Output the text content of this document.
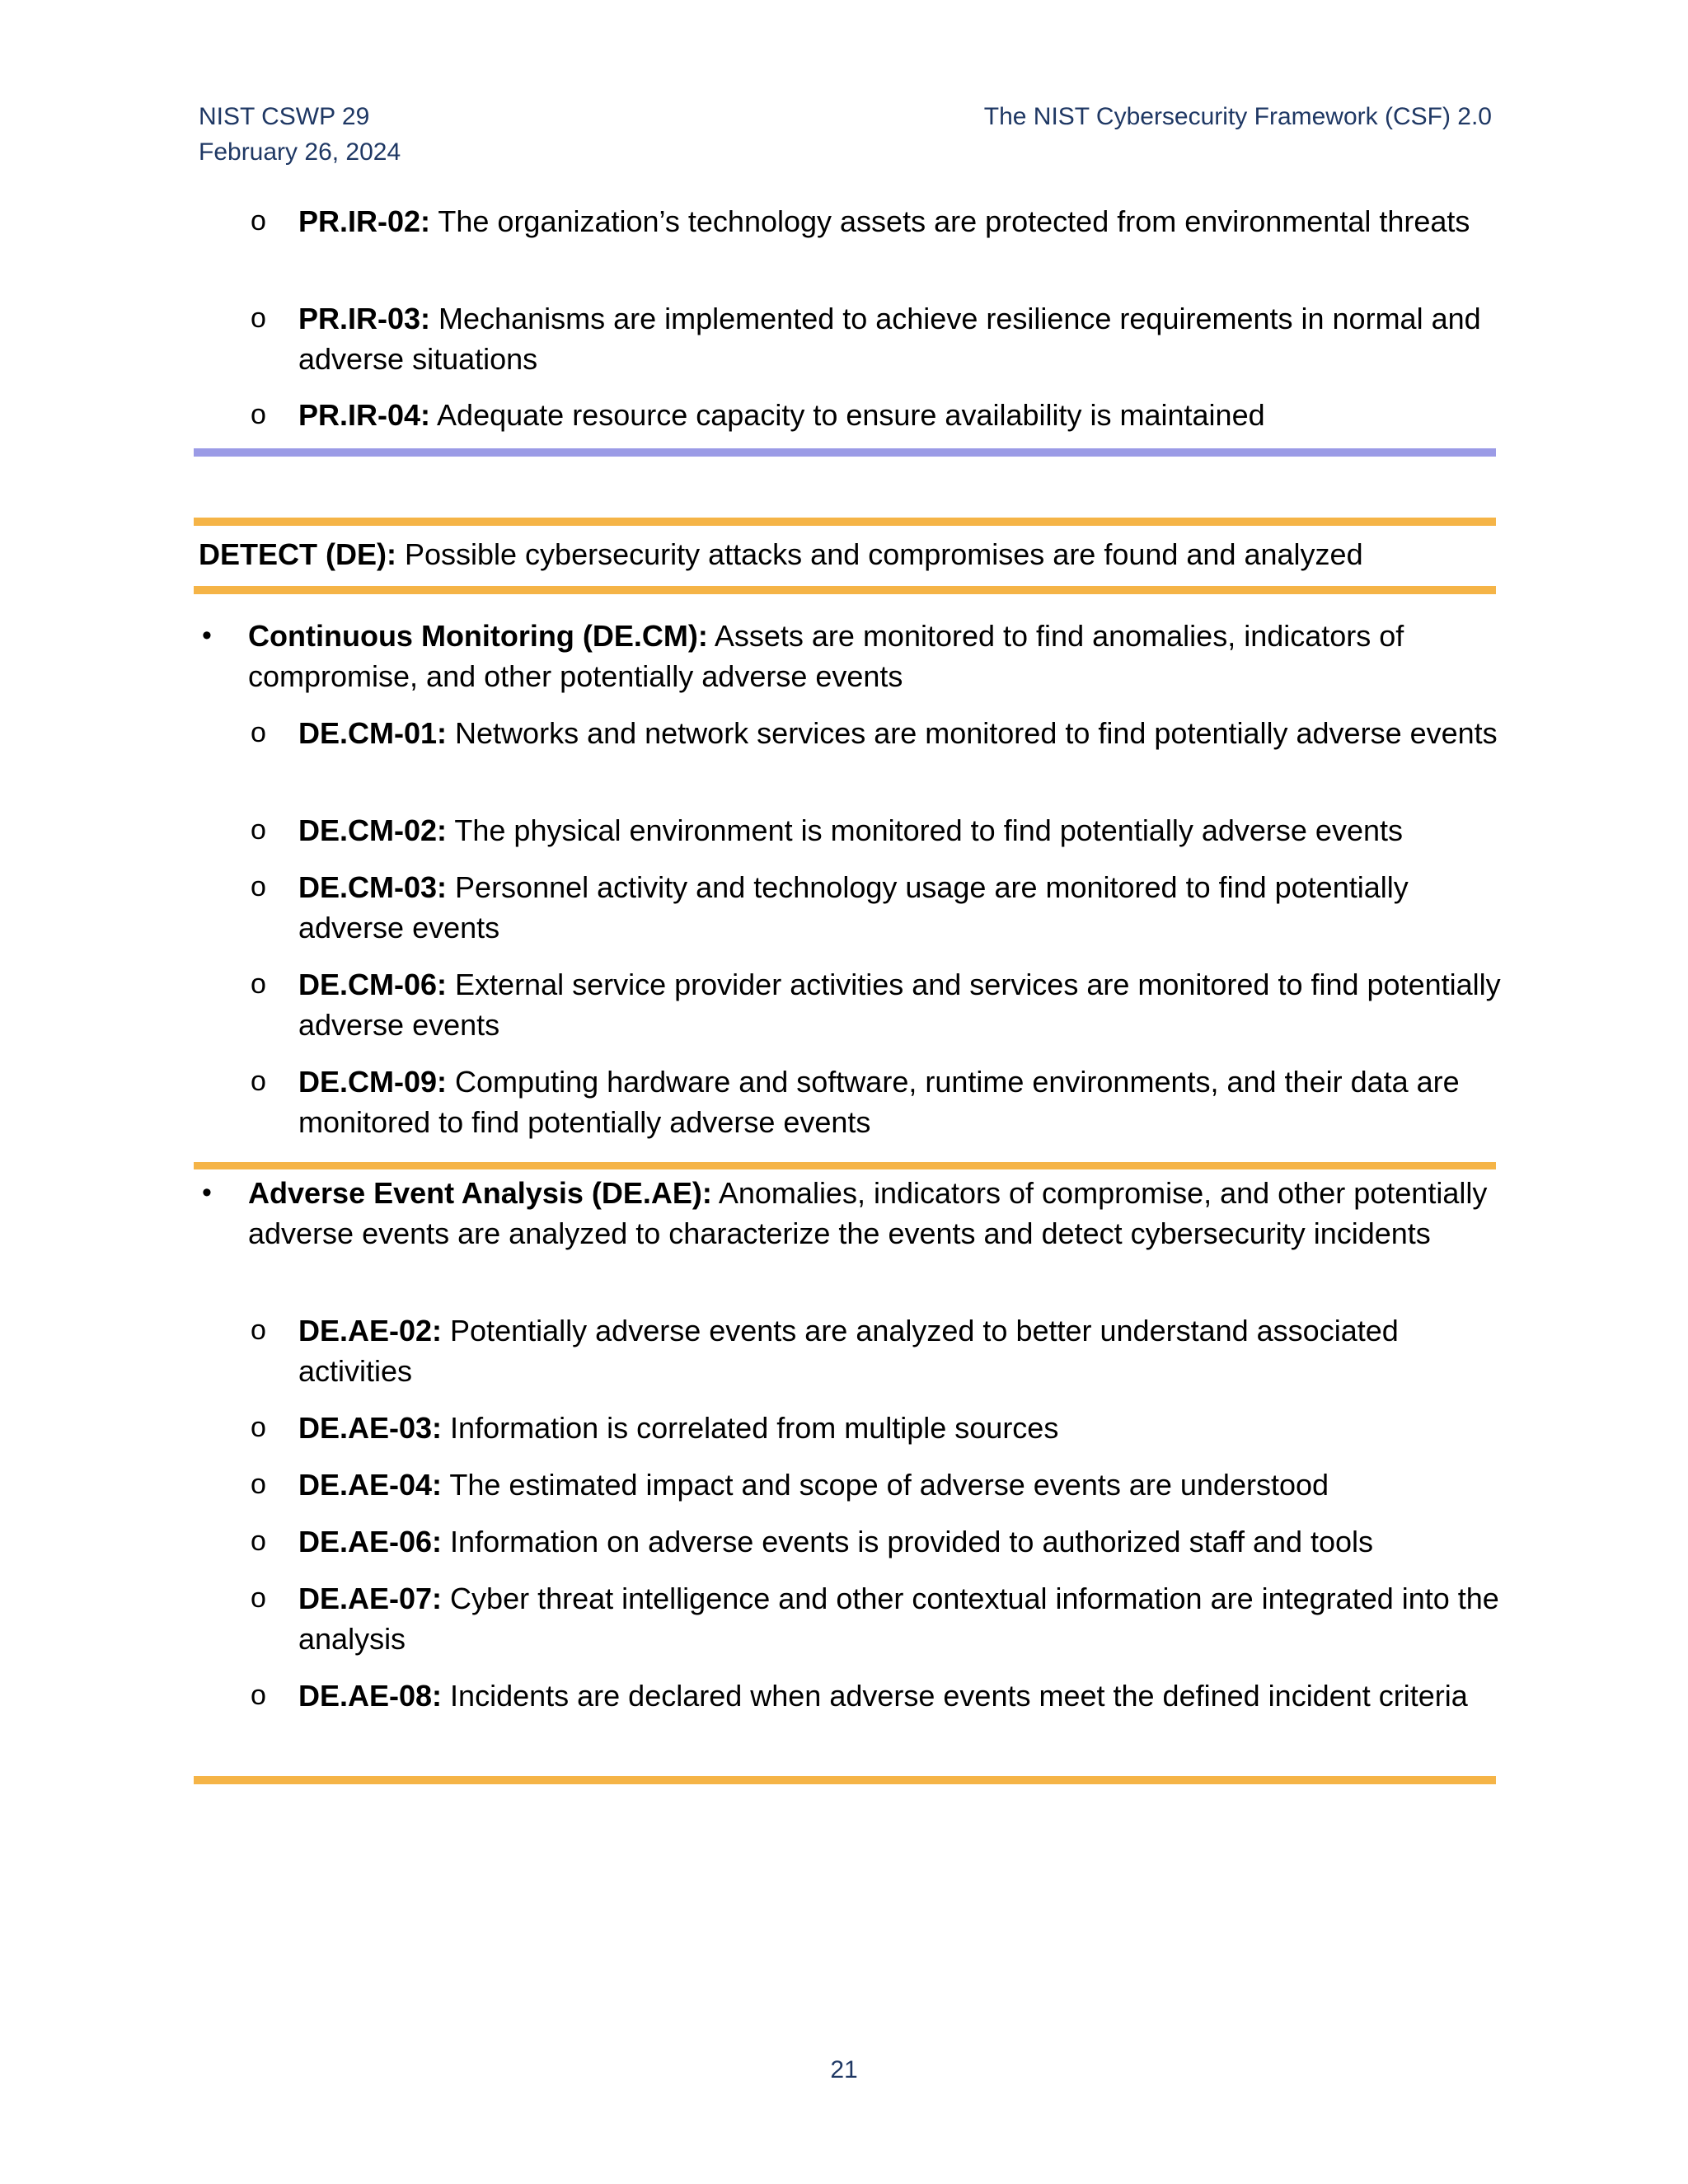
NIST CSWP 29
February 26, 2024
The NIST Cybersecurity Framework (CSF) 2.0
o	PR.IR-02: The organization’s technology assets are protected from environmental threats
o	PR.IR-03: Mechanisms are implemented to achieve resilience requirements in normal and adverse situations
o	PR.IR-04: Adequate resource capacity to ensure availability is maintained
DETECT (DE): Possible cybersecurity attacks and compromises are found and analyzed
•	Continuous Monitoring (DE.CM): Assets are monitored to find anomalies, indicators of compromise, and other potentially adverse events
o	DE.CM-01: Networks and network services are monitored to find potentially adverse events
o	DE.CM-02: The physical environment is monitored to find potentially adverse events
o	DE.CM-03: Personnel activity and technology usage are monitored to find potentially adverse events
o	DE.CM-06: External service provider activities and services are monitored to find potentially adverse events
o	DE.CM-09: Computing hardware and software, runtime environments, and their data are monitored to find potentially adverse events
•	Adverse Event Analysis (DE.AE): Anomalies, indicators of compromise, and other potentially adverse events are analyzed to characterize the events and detect cybersecurity incidents
o	DE.AE-02: Potentially adverse events are analyzed to better understand associated activities
o	DE.AE-03: Information is correlated from multiple sources
o	DE.AE-04: The estimated impact and scope of adverse events are understood
o	DE.AE-06: Information on adverse events is provided to authorized staff and tools
o	DE.AE-07: Cyber threat intelligence and other contextual information are integrated into the analysis
o	DE.AE-08: Incidents are declared when adverse events meet the defined incident criteria
21
